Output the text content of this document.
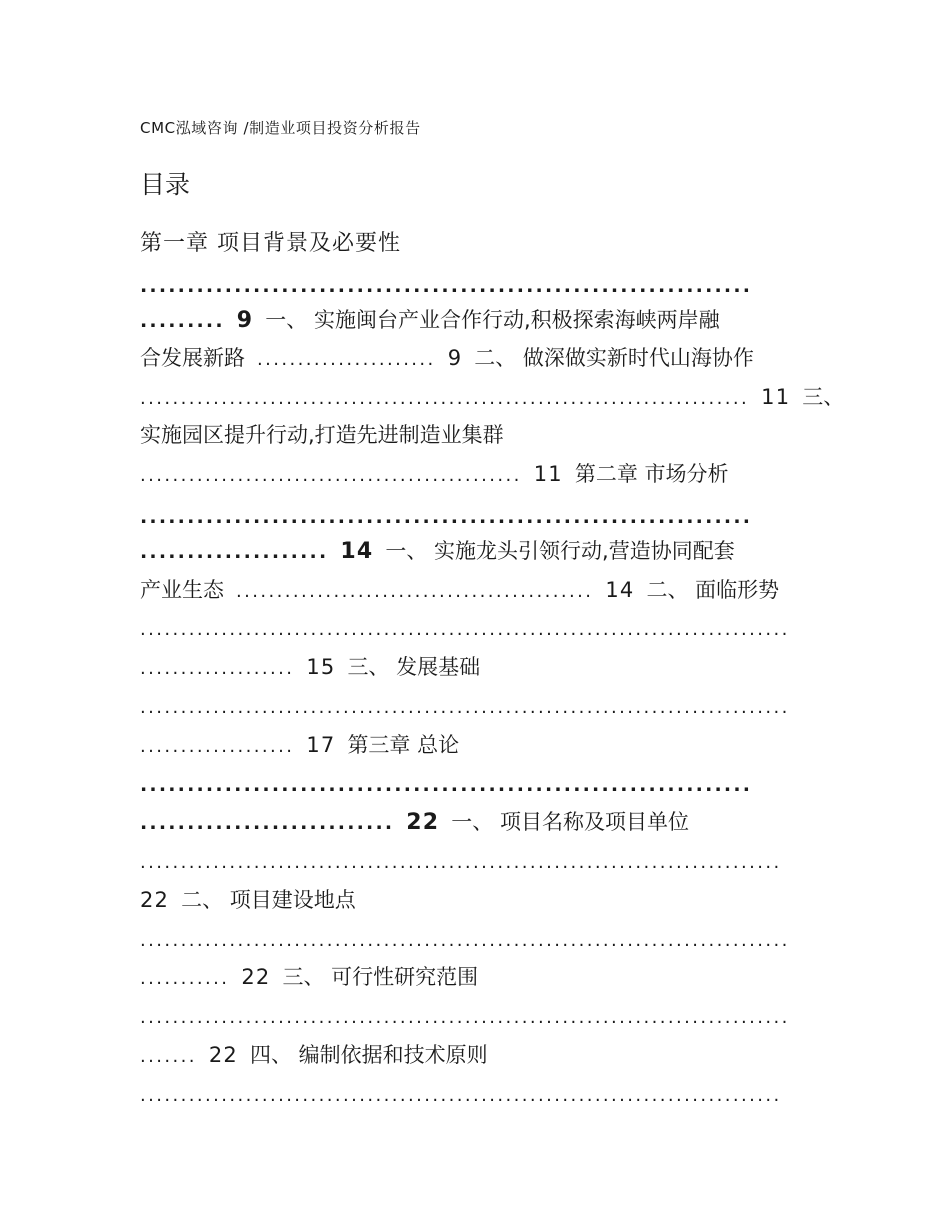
CMC泓域咨询 /制造业项目投资分析报告
目录
第一章 项目背景及必要性
.................................................................
......... 9 一、 实施闽台产业合作行动,积极探索海峡两岸融
合发展新路 ...................... 9 二、 做深做实新时代山海协作
........................................................................... 11 三、
实施园区提升行动,打造先进制造业集群
............................................... 11 第二章 市场分析
.................................................................
.................... 14 一、 实施龙头引领行动,营造协同配套
产业生态 ............................................ 14 二、 面临形势
................................................................................
................... 15 三、 发展基础
................................................................................
................... 17 第三章 总论
.................................................................
........................... 22 一、 项目名称及项目单位
...............................................................................
22 二、 项目建设地点
................................................................................
........... 22 三、 可行性研究范围
................................................................................
....... 22 四、 编制依据和技术原则
...............................................................................
